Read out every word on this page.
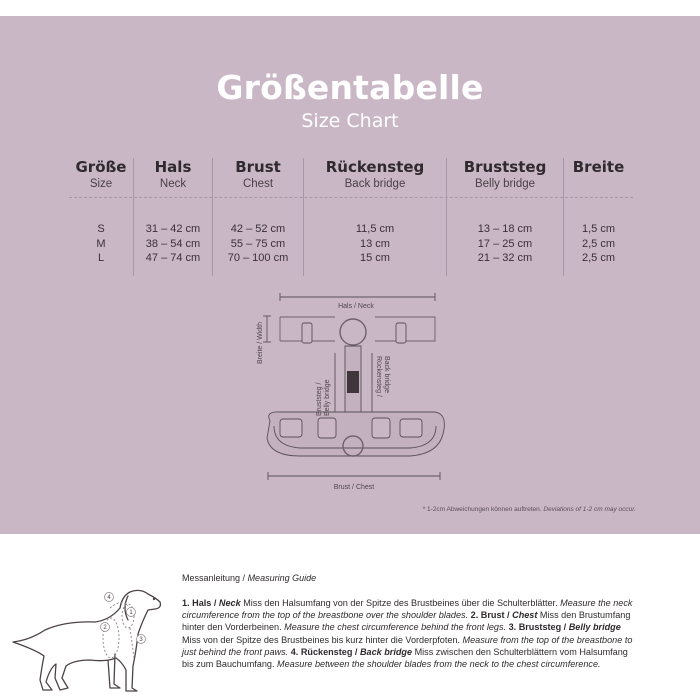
Größentabelle
Size Chart
Größe
Size
S
M
L
Hals
Neck
31 – 42 cm
38 – 54 cm
47 – 74 cm
Brust
Chest
42 – 52 cm
55 – 75 cm
70 – 100 cm
Rückensteg
Back bridge
11,5 cm
13 cm
15 cm
Bruststeg
Belly bridge
13 – 18 cm
17 – 25 cm
21 – 32 cm
Breite
1,5 cm
2,5 cm
2,5 cm
Hals / Neck
Breite / Width
Bruststeg / Belly bridge
Rückensteg / Back bridge
Brust / Chest
* 1-2cm Abweichungen können auftreten. Deviations of 1-2 cm may occur.
1
2
3
4
Messanleitung / Measuring Guide
1. Hals / Neck Miss den Halsumfang von der Spitze des Brustbeines über die Schulterblätter. Measure the neck circumference from the top of the breastbone over the shoulder blades. 2. Brust / Chest Miss den Brustumfang hinter den Vorderbeinen. Measure the chest circumference behind the front legs. 3. Bruststeg / Belly bridge Miss von der Spitze des Brustbeines bis kurz hinter die Vorderpfoten. Measure from the top of the breastbone to just behind the front paws. 4. Rückensteg / Back bridge Miss zwischen den Schulterblättern vom Halsumfang bis zum Bauchumfang. Measure between the shoulder blades from the neck to the chest circumference.
